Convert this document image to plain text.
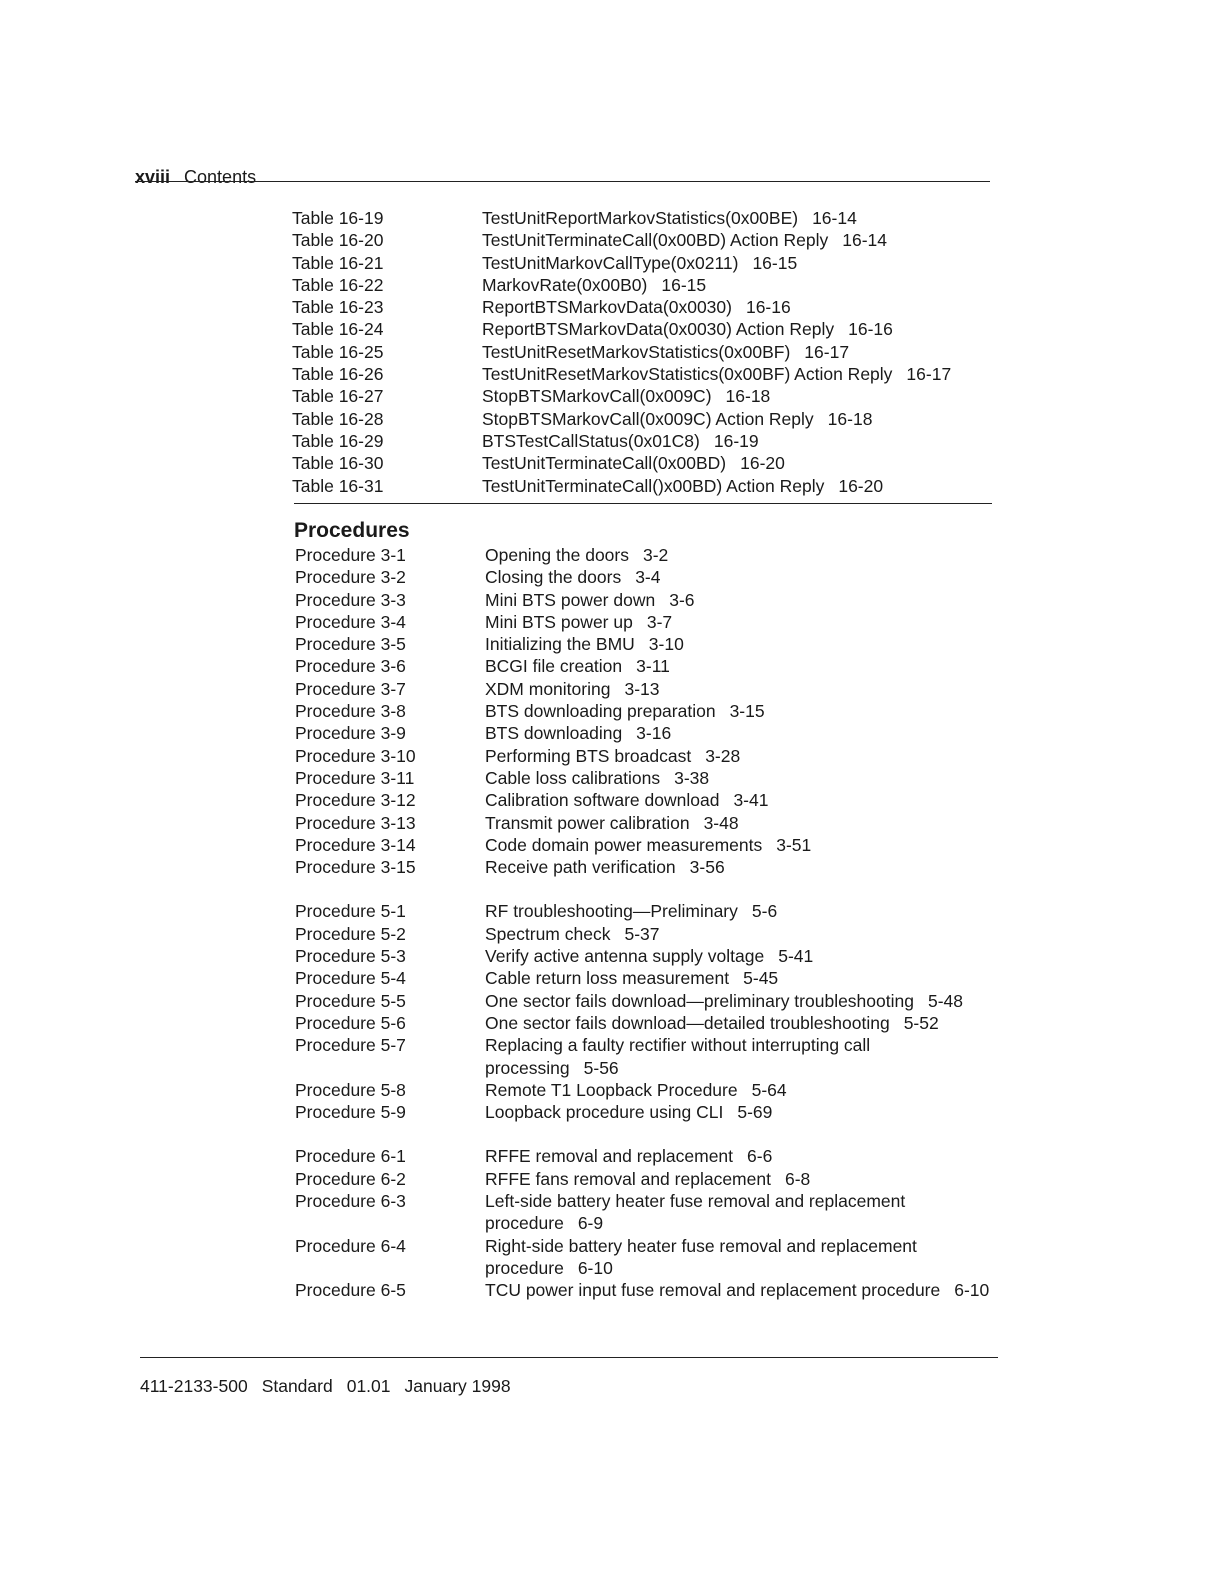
xviii Contents
Table 16-19	TestUnitReportMarkovStatistics(0x00BE) 16-14
Table 16-20	TestUnitTerminateCall(0x00BD) Action Reply 16-14
Table 16-21	TestUnitMarkovCallType(0x0211) 16-15
Table 16-22	MarkovRate(0x00B0) 16-15
Table 16-23	ReportBTSMarkovData(0x0030) 16-16
Table 16-24	ReportBTSMarkovData(0x0030) Action Reply 16-16
Table 16-25	TestUnitResetMarkovStatistics(0x00BF) 16-17
Table 16-26	TestUnitResetMarkovStatistics(0x00BF) Action Reply 16-17
Table 16-27	StopBTSMarkovCall(0x009C) 16-18
Table 16-28	StopBTSMarkovCall(0x009C) Action Reply 16-18
Table 16-29	BTSTestCallStatus(0x01C8) 16-19
Table 16-30	TestUnitTerminateCall(0x00BD) 16-20
Table 16-31	TestUnitTerminateCall()x00BD) Action Reply 16-20
Procedures
Procedure 3-1	Opening the doors 3-2
Procedure 3-2	Closing the doors 3-4
Procedure 3-3	Mini BTS power down 3-6
Procedure 3-4	Mini BTS power up 3-7
Procedure 3-5	Initializing the BMU 3-10
Procedure 3-6	BCGI file creation 3-11
Procedure 3-7	XDM monitoring 3-13
Procedure 3-8	BTS downloading preparation 3-15
Procedure 3-9	BTS downloading 3-16
Procedure 3-10	Performing BTS broadcast 3-28
Procedure 3-11	Cable loss calibrations 3-38
Procedure 3-12	Calibration software download 3-41
Procedure 3-13	Transmit power calibration 3-48
Procedure 3-14	Code domain power measurements 3-51
Procedure 3-15	Receive path verification 3-56
Procedure 5-1	RF troubleshooting—Preliminary 5-6
Procedure 5-2	Spectrum check 5-37
Procedure 5-3	Verify active antenna supply voltage 5-41
Procedure 5-4	Cable return loss measurement 5-45
Procedure 5-5	One sector fails download—preliminary troubleshooting 5-48
Procedure 5-6	One sector fails download—detailed troubleshooting 5-52
Procedure 5-7	Replacing a faulty rectifier without interrupting call processing 5-56
Procedure 5-8	Remote T1 Loopback Procedure 5-64
Procedure 5-9	Loopback procedure using CLI 5-69
Procedure 6-1	RFFE removal and replacement 6-6
Procedure 6-2	RFFE fans removal and replacement 6-8
Procedure 6-3	Left-side battery heater fuse removal and replacement procedure 6-9
Procedure 6-4	Right-side battery heater fuse removal and replacement procedure 6-10
Procedure 6-5	TCU power input fuse removal and replacement procedure 6-10
411-2133-500 Standard 01.01 January 1998
